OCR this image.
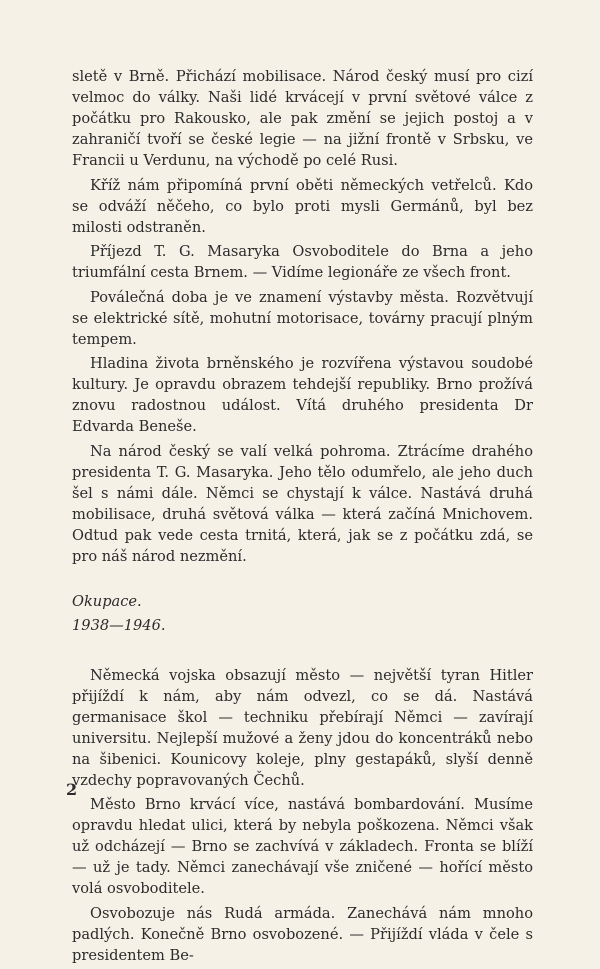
sletě v Brně. Přichází mobilisace. Národ český musí pro cizí velmoc do války. Naši lidé krvácejí v první světové válce z počátku pro Rakousko, ale pak změní se jejich postoj a v zahraničí tvoří se české legie — na jižní frontě v Srbsku, ve Francii u Verdunu, na východě po celé Rusi.

Kříž nám připomíná první oběti německých vetřelců. Kdo se odváží něčeho, co bylo proti mysli Germánů, byl bez milosti odstraněn.

Příjezd T. G. Masaryka Osvoboditele do Brna a jeho triumfální cesta Brnem. — Vidíme legionáře ze všech front.

Poválečná doba je ve znamení výstavby města. Rozvětvují se elektrické sítě, mohutní motorisace, továrny pracují plným tempem.

Hladina života brněnského je rozvířena výstavou soudobé kultury. Je opravdu obrazem tehdejší republiky. Brno prožívá znovu radostnou událost. Vítá druhého presidenta Dr Edvarda Beneše.

Na národ český se valí velká pohroma. Ztrácíme drahého presidenta T. G. Masaryka. Jeho tělo odumřelo, ale jeho duch šel s námi dále. Němci se chystají k válce. Nastává druhá mobilisace, druhá světová válka — která začíná Mnichovem. Odtud pak vede cesta trnitá, která, jak se z počátku zdá, se pro náš národ nezmění.

Okupace.
1938—1946.

Německá vojska obsazují město — největší tyran Hitler přijíždí k nám, aby nám odvezl, co se dá. Nastává germanisace škol — techniku přebírají Němci — zavírají universitu. Nejlepší mužové a ženy jdou do koncentráků nebo na šibenici. Kounicovy koleje, plny gestapáků, slyší denně vzdechy popravovaných Čechů.

Město Brno krvácí více, nastává bombardování. Musíme opravdu hledat ulici, která by nebyla poškozena. Němci však už odcházejí — Brno se zachvívá v základech. Fronta se blíží — už je tady. Němci zanechávají vše zničené — hořící město volá osvoboditele.

Osvobozuje nás Rudá armáda. Zanechává nám mnoho padlých. Konečně Brno osvobozené. — Přijíždí vláda v čele s presidentem Be-

2
